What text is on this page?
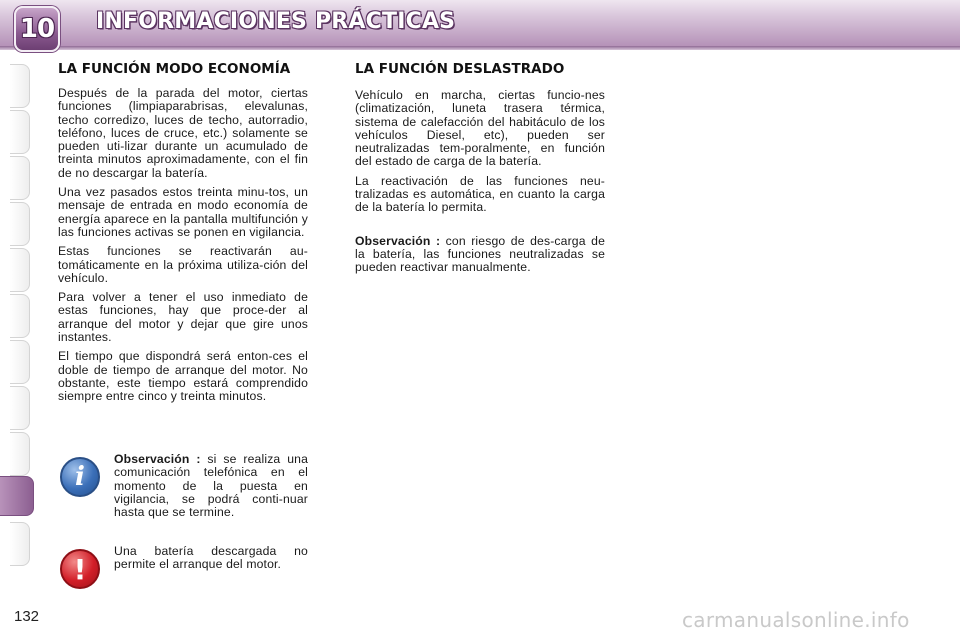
10 INFORMACIONES PRÁCTICAS
LA FUNCIÓN MODO ECONOMÍA

Después de la parada del motor, ciertas funciones (limpiaparabrisas, elevalunas, techo corredizo, luces de techo, autorradio, teléfono, luces de cruce, etc.) solamente se pueden uti-lizar durante un acumulado de treinta minutos aproximadamente, con el fin de no descargar la batería.

Una vez pasados estos treinta minu-tos, un mensaje de entrada en modo economía de energía aparece en la pantalla multifunción y las funciones activas se ponen en vigilancia.

Estas funciones se reactivarán au-tomáticamente en la próxima utiliza-ción del vehículo.

Para volver a tener el uso inmediato de estas funciones, hay que proce-der al arranque del motor y dejar que gire unos instantes.

El tiempo que dispondrá será enton-ces el doble de tiempo de arranque del motor. No obstante, este tiempo estará comprendido siempre entre cinco y treinta minutos.

i
Observación : si se realiza una comunicación telefónica en el momento de la puesta en vigilancia, se podrá conti-nuar hasta que se termine.
!
Una batería descargada no permite el arranque del motor.
LA FUNCIÓN DESLASTRADO

Vehículo en marcha, ciertas funcio-nes (climatización, luneta trasera térmica, sistema de calefacción del habitáculo de los vehículos Diesel, etc), pueden ser neutralizadas tem-poralmente, en función del estado de carga de la batería.

La reactivación de las funciones neu-tralizadas es automática, en cuanto la carga de la batería lo permita.

Observación : con riesgo de des-carga de la batería, las funciones neutralizadas se pueden reactivar manualmente.

132	carmanualsonline.info
